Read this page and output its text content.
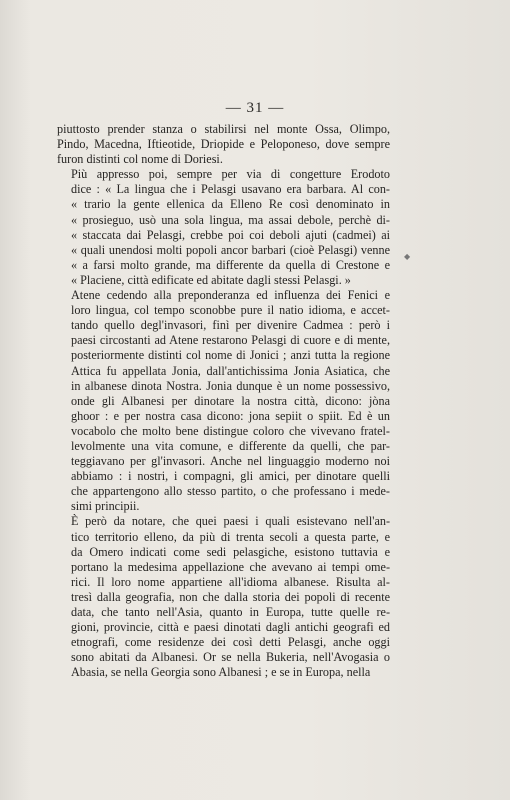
— 31 —
◆

piuttosto prender stanza o stabilirsi nel monte Ossa, Olimpo,
Pindo, Macedna, Iftieotide, Driopide e Peloponeso, dove sempre
furon distinti col nome di Doriesi.

Più appresso poi, sempre per via di congetture Erodoto
dice : « La lingua che i Pelasgi usavano era barbara. Al con-
« trario la gente ellenica da Elleno Re così denominato in
« prosieguo, usò una sola lingua, ma assai debole, perchè di-
« staccata dai Pelasgi, crebbe poi coi deboli ajuti (cadmei) ai
« quali unendosi molti popoli ancor barbari (cioè Pelasgi) venne
« a farsi molto grande, ma differente da quella di Crestone e
« Placiene, città edificate ed abitate dagli stessi Pelasgi. »

Atene cedendo alla preponderanza ed influenza dei Fenici e
loro lingua, col tempo sconobbe pure il natio idioma, e accet-
tando quello degl'invasori, finì per divenire Cadmea : però i
paesi circostanti ad Atene restarono Pelasgi di cuore e di mente,
posteriormente distinti col nome di Jonici ; anzi tutta la regione
Attica fu appellata Jonia, dall'antichissima Jonia Asiatica, che
in albanese dinota Nostra. Jonia dunque è un nome possessivo,
onde gli Albanesi per dinotare la nostra città, dicono: jòna
ghoor : e per nostra casa dicono: jona sepiit o spiit. Ed è un
vocabolo che molto bene distingue coloro che vivevano fratel-
levolmente una vita comune, e differente da quelli, che par-
teggiavano per gl'invasori. Anche nel linguaggio moderno noi
abbiamo : i nostri, i compagni, gli amici, per dinotare quelli
che appartengono allo stesso partito, o che professano i mede-
simi principii.

È però da notare, che quei paesi i quali esistevano nell'an-
tico territorio elleno, da più di trenta secoli a questa parte, e
da Omero indicati come sedi pelasgiche, esistono tuttavia e
portano la medesima appellazione che avevano ai tempi ome-
rici. Il loro nome appartiene all'idioma albanese. Risulta al-
tresì dalla geografia, non che dalla storia dei popoli di recente
data, che tanto nell'Asia, quanto in Europa, tutte quelle re-
gioni, provincie, città e paesi dinotati dagli antichi geografi ed
etnografi, come residenze dei così detti Pelasgi, anche oggi
sono abitati da Albanesi. Or se nella Bukeria, nell'Avogasia o
Abasia, se nella Georgia sono Albanesi ; e se in Europa, nella
